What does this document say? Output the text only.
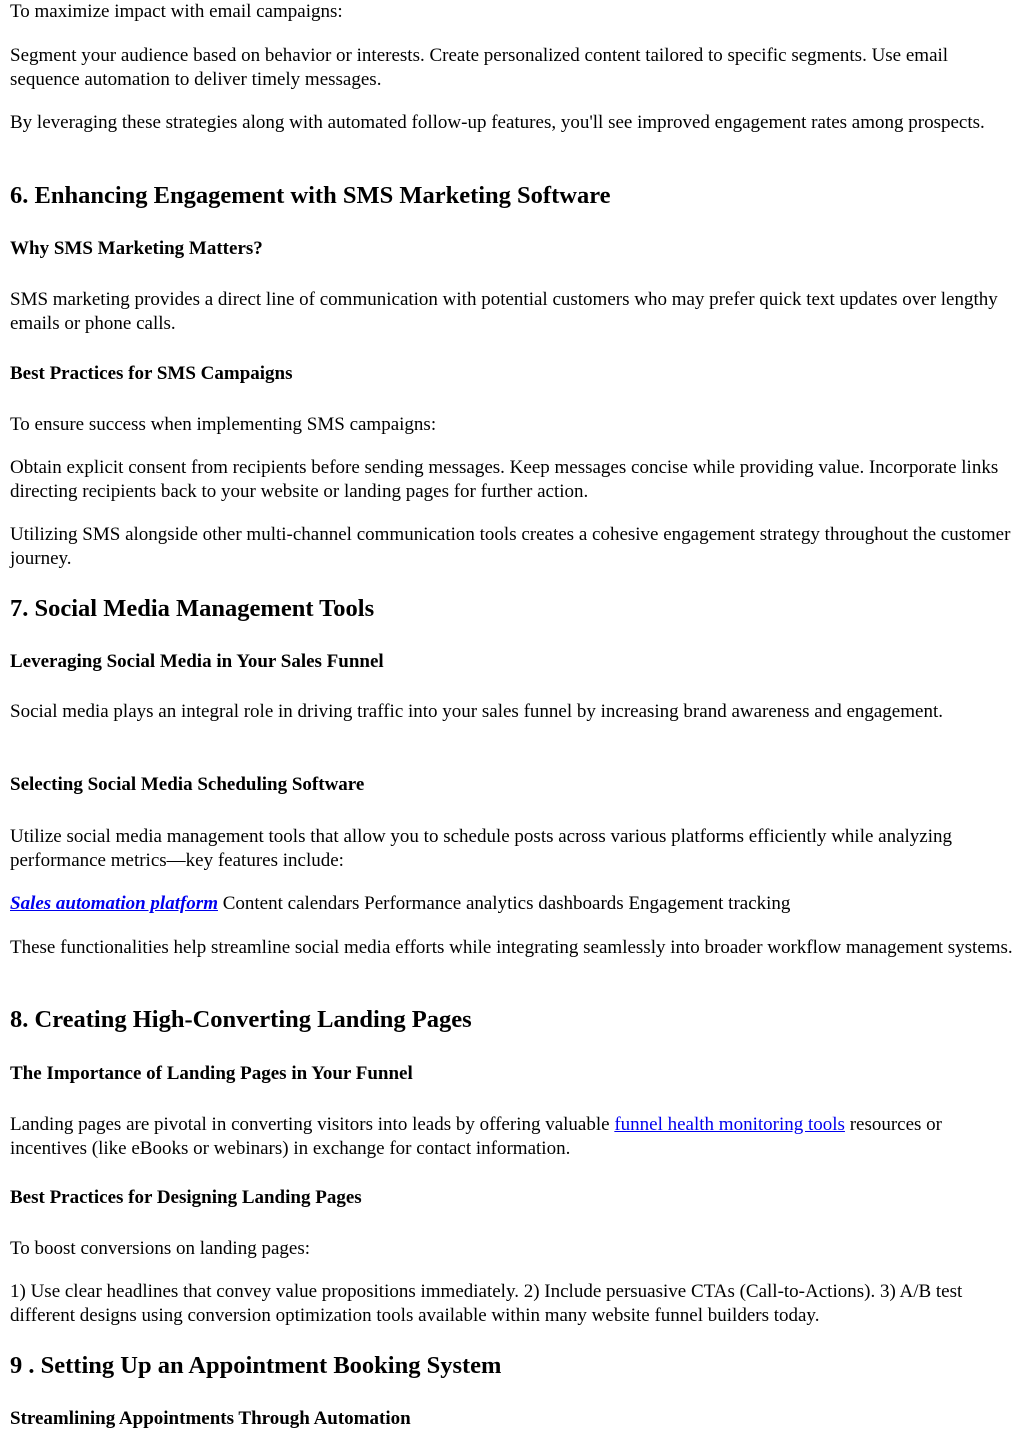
To maximize impact with email campaigns:

Segment your audience based on behavior or interests. Create personalized content tailored to specific segments. Use email sequence automation to deliver timely messages.

By leveraging these strategies along with automated follow-up features, you'll see improved engagement rates among prospects.

6. Enhancing Engagement with SMS Marketing Software
Why SMS Marketing Matters?

SMS marketing provides a direct line of communication with potential customers who may prefer quick text updates over lengthy emails or phone calls.

Best Practices for SMS Campaigns

To ensure success when implementing SMS campaigns:

Obtain explicit consent from recipients before sending messages. Keep messages concise while providing value. Incorporate links directing recipients back to your website or landing pages for further action.

Utilizing SMS alongside other multi-channel communication tools creates a cohesive engagement strategy throughout the customer journey.

7. Social Media Management Tools
Leveraging Social Media in Your Sales Funnel

Social media plays an integral role in driving traffic into your sales funnel by increasing brand awareness and engagement.

Selecting Social Media Scheduling Software

Utilize social media management tools that allow you to schedule posts across various platforms efficiently while analyzing performance metrics—key features include:

Sales automation platform Content calendars Performance analytics dashboards Engagement tracking

These functionalities help streamline social media efforts while integrating seamlessly into broader workflow management systems.

8. Creating High-Converting Landing Pages
The Importance of Landing Pages in Your Funnel

Landing pages are pivotal in converting visitors into leads by offering valuable funnel health monitoring tools resources or incentives (like eBooks or webinars) in exchange for contact information.

Best Practices for Designing Landing Pages

To boost conversions on landing pages:

1) Use clear headlines that convey value propositions immediately. 2) Include persuasive CTAs (Call-to-Actions). 3) A/B test different designs using conversion optimization tools available within many website funnel builders today.

9 . Setting Up an Appointment Booking System
Streamlining Appointments Through Automation
